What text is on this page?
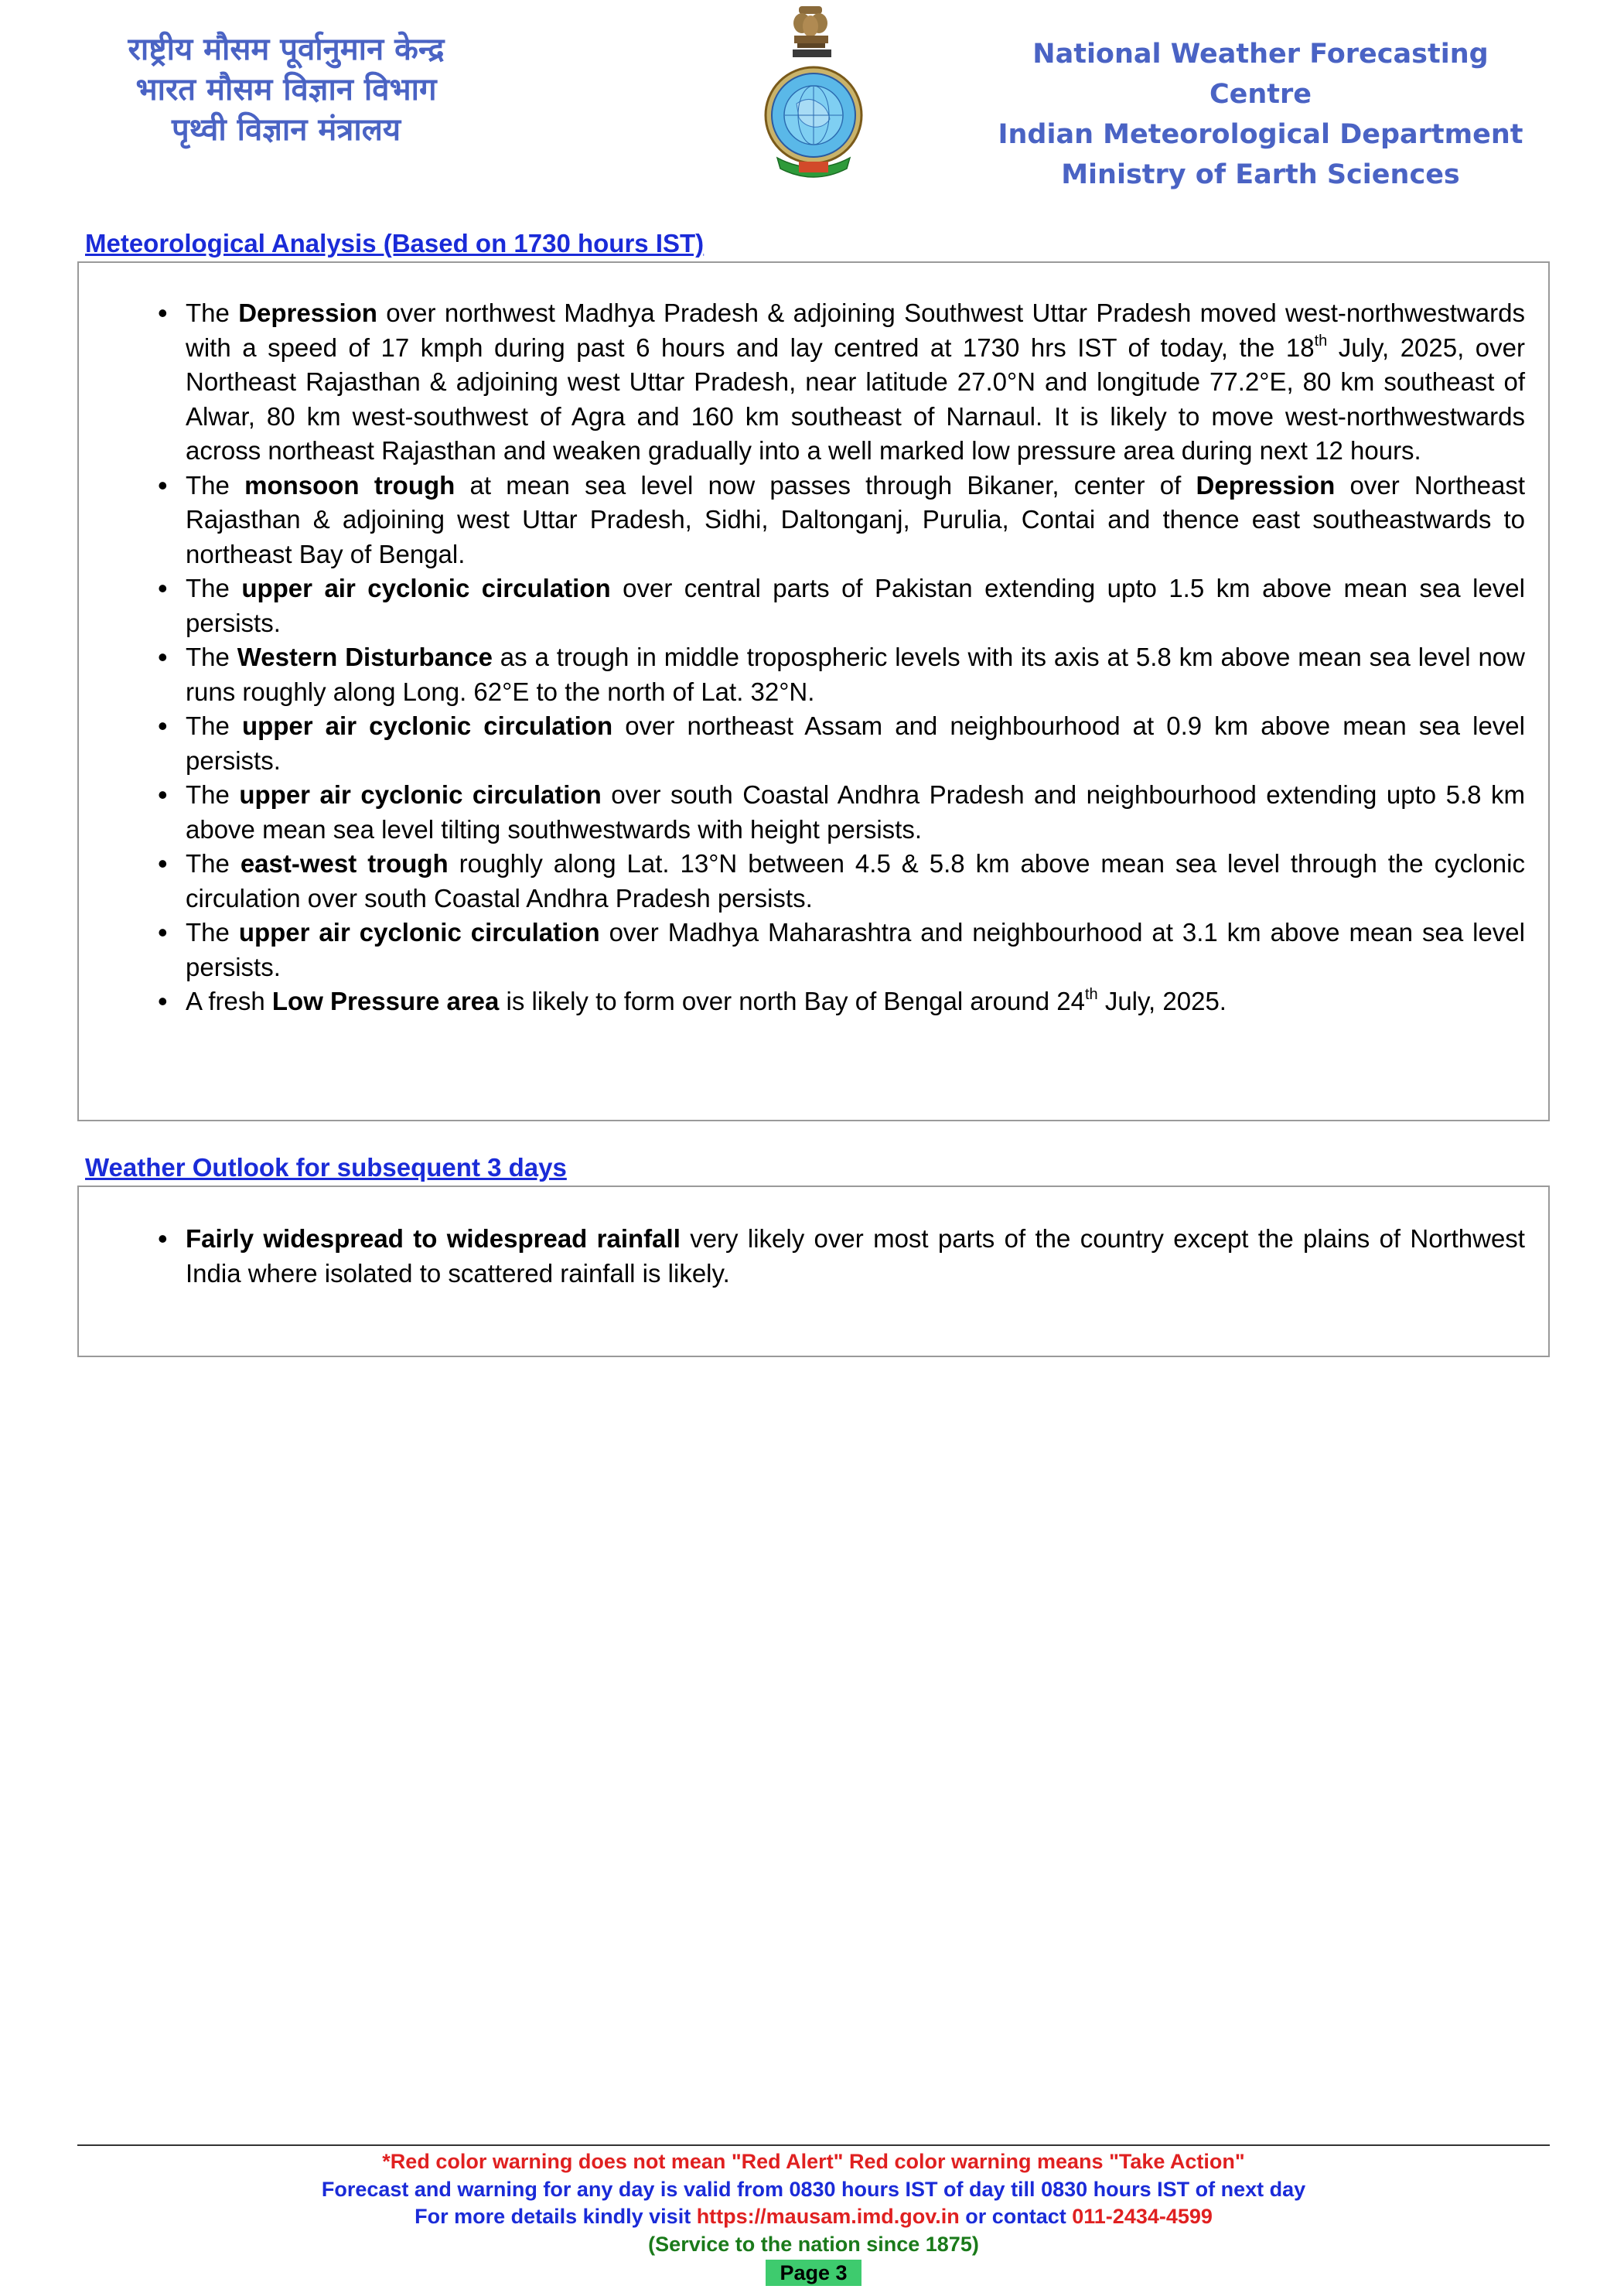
राष्ट्रीय मौसम पूर्वानुमान केन्द्र
भारत मौसम विज्ञान विभाग
पृथ्वी विज्ञान मंत्रालय
National Weather Forecasting Centre
Indian Meteorological Department
Ministry of Earth Sciences
Meteorological Analysis (Based on 1730 hours IST)
• The Depression over northwest Madhya Pradesh & adjoining Southwest Uttar Pradesh moved west-northwestwards with a speed of 17 kmph during past 6 hours and lay centred at 1730 hrs IST of today, the 18th July, 2025, over Northeast Rajasthan & adjoining west Uttar Pradesh, near latitude 27.0°N and longitude 77.2°E, 80 km southeast of Alwar, 80 km west-southwest of Agra and 160 km southeast of Narnaul. It is likely to move west-northwestwards across northeast Rajasthan and weaken gradually into a well marked low pressure area during next 12 hours.
• The monsoon trough at mean sea level now passes through Bikaner, center of Depression over Northeast Rajasthan & adjoining west Uttar Pradesh, Sidhi, Daltonganj, Purulia, Contai and thence east southeastwards to northeast Bay of Bengal.
• The upper air cyclonic circulation over central parts of Pakistan extending upto 1.5 km above mean sea level persists.
• The Western Disturbance as a trough in middle tropospheric levels with its axis at 5.8 km above mean sea level now runs roughly along Long. 62°E to the north of Lat. 32°N.
• The upper air cyclonic circulation over northeast Assam and neighbourhood at 0.9 km above mean sea level persists.
• The upper air cyclonic circulation over south Coastal Andhra Pradesh and neighbourhood extending upto 5.8 km above mean sea level tilting southwestwards with height persists.
• The east-west trough roughly along Lat. 13°N between 4.5 & 5.8 km above mean sea level through the cyclonic circulation over south Coastal Andhra Pradesh persists.
• The upper air cyclonic circulation over Madhya Maharashtra and neighbourhood at 3.1 km above mean sea level persists.
• A fresh Low Pressure area is likely to form over north Bay of Bengal around 24th July, 2025.
Weather Outlook for subsequent 3 days
• Fairly widespread to widespread rainfall very likely over most parts of the country except the plains of Northwest India where isolated to scattered rainfall is likely.
*Red color warning does not mean "Red Alert" Red color warning means "Take Action"
Forecast and warning for any day is valid from 0830 hours IST of day till 0830 hours IST of next day
For more details kindly visit https://mausam.imd.gov.in or contact 011-2434-4599
(Service to the nation since 1875)
Page 3
